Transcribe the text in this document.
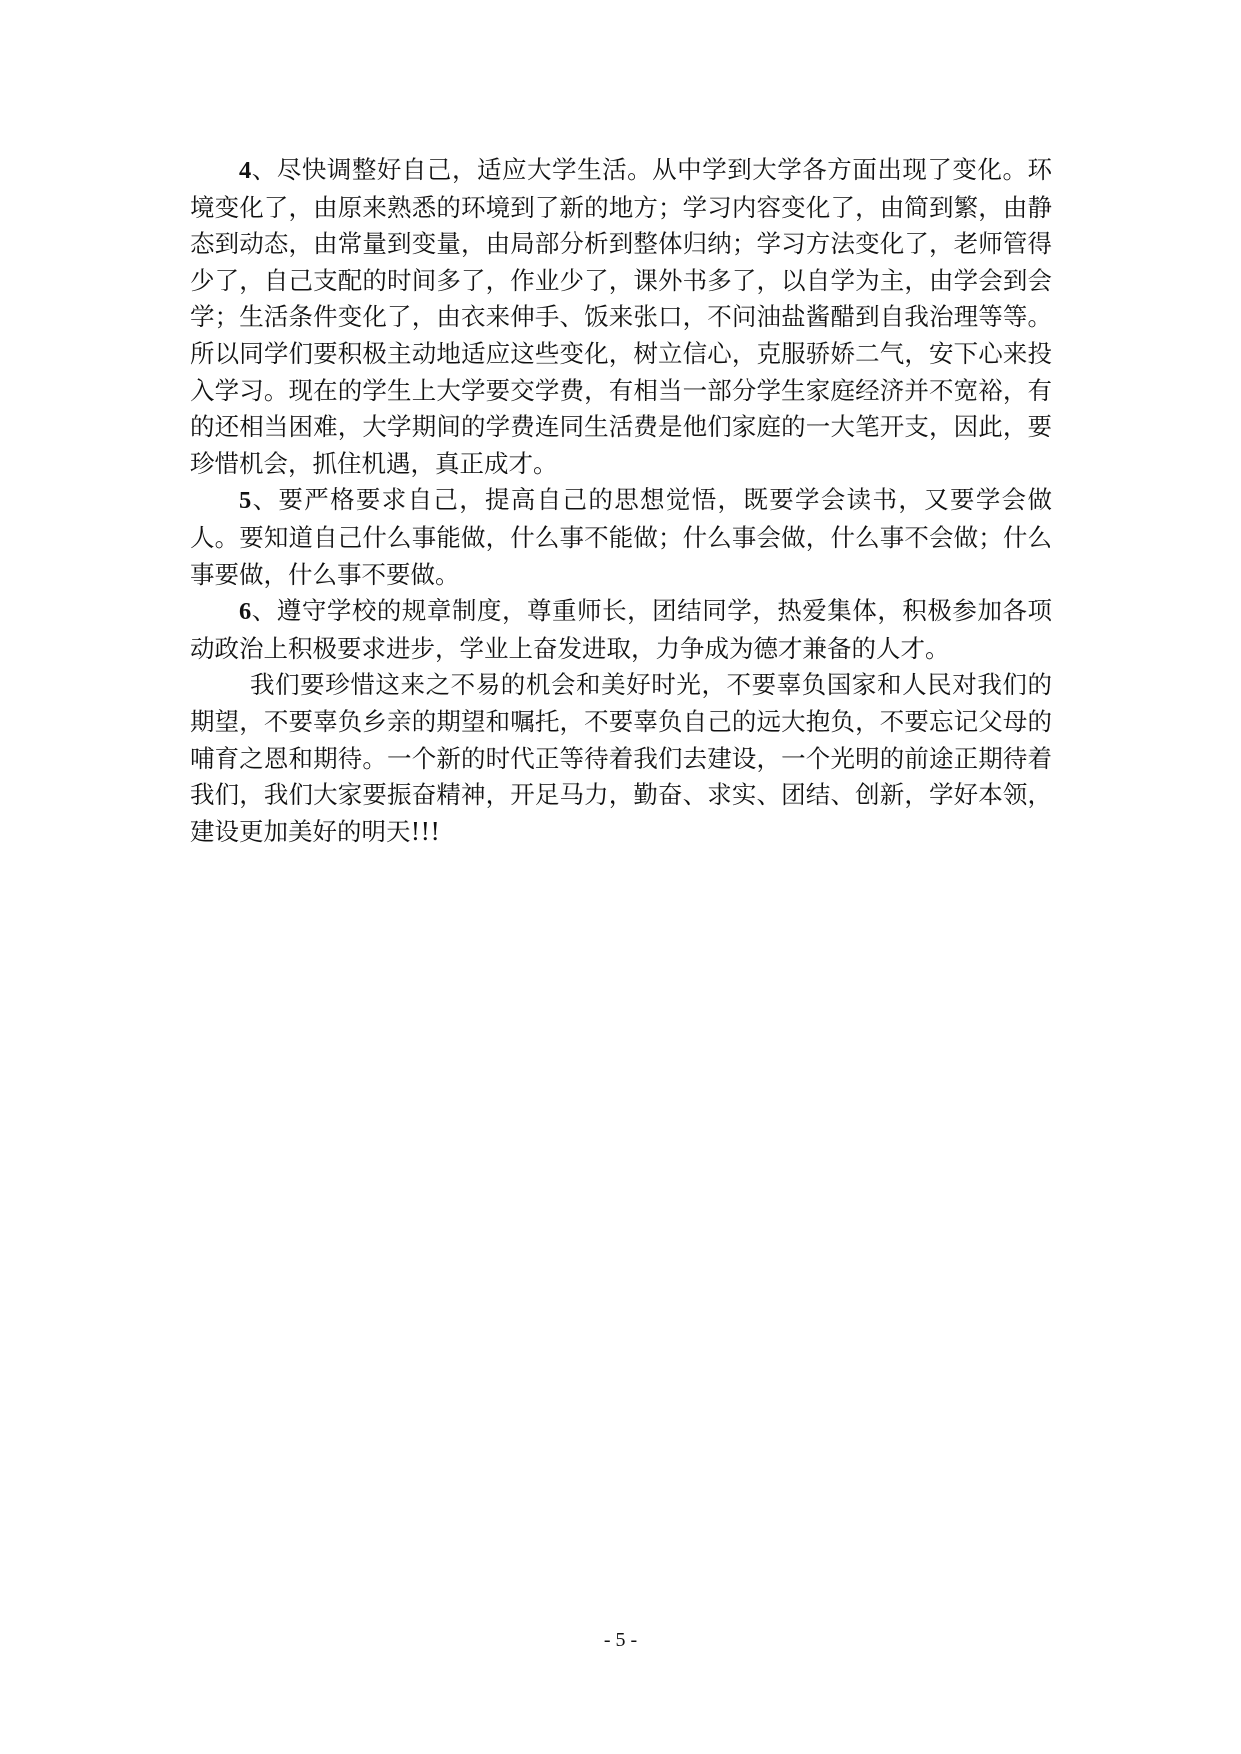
4、尽快调整好自己，适应大学生活。从中学到大学各方面出现了变化。环境变化了，由原来熟悉的环境到了新的地方；学习内容变化了，由简到繁，由静态到动态，由常量到变量，由局部分析到整体归纳；学习方法变化了，老师管得少了，自己支配的时间多了，作业少了，课外书多了，以自学为主，由学会到会学；生活条件变化了，由衣来伸手、饭来张口，不问油盐酱醋到自我治理等等。所以同学们要积极主动地适应这些变化，树立信心，克服骄娇二气，安下心来投入学习。现在的学生上大学要交学费，有相当一部分学生家庭经济并不宽裕，有的还相当困难，大学期间的学费连同生活费是他们家庭的一大笔开支，因此，要珍惜机会，抓住机遇，真正成才。

5、要严格要求自己，提高自己的思想觉悟，既要学会读书，又要学会做人。要知道自己什么事能做，什么事不能做；什么事会做，什么事不会做；什么事要做，什么事不要做。

6、遵守学校的规章制度，尊重师长，团结同学，热爱集体，积极参加各项动政治上积极要求进步，学业上奋发进取，力争成为德才兼备的人才。

我们要珍惜这来之不易的机会和美好时光，不要辜负国家和人民对我们的期望，不要辜负乡亲的期望和嘱托，不要辜负自己的远大抱负，不要忘记父母的哺育之恩和期待。一个新的时代正等待着我们去建设，一个光明的前途正期待着我们，我们大家要振奋精神，开足马力，勤奋、求实、团结、创新，学好本领，建设更加美好的明天!!!

- 5 -
